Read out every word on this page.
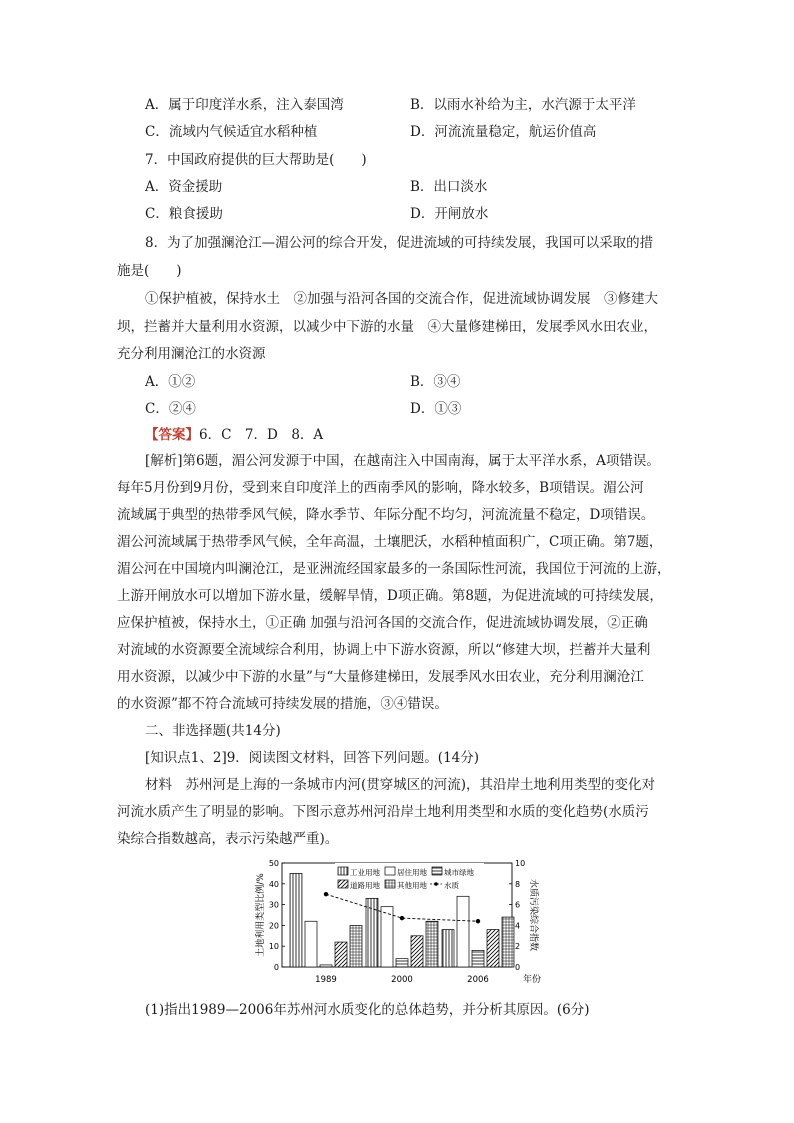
A．属于印度洋水系，注入泰国湾	B．以雨水补给为主，水汽源于太平洋
C．流域内气候适宜水稻种植	D．河流流量稳定，航运价值高
7．中国政府提供的巨大帮助是(　　)
A．资金援助	B．出口淡水
C．粮食援助	D．开闸放水
8．为了加强澜沧江—湄公河的综合开发，促进流域的可持续发展，我国可以采取的措
施是(　　)
①保护植被，保持水土　②加强与沿河各国的交流合作，促进流域协调发展　③修建大
坝，拦蓄并大量利用水资源，以减少中下游的水量　④大量修建梯田，发展季风水田农业，
充分利用澜沧江的水资源
A．①②	B．③④
C．②④	D．①③
【答案】6．C　7．D　8．A
[解析]第6题，湄公河发源于中国，在越南注入中国南海，属于太平洋水系，A项错误。
每年5月份到9月份，受到来自印度洋上的西南季风的影响，降水较多，B项错误。湄公河
流域属于典型的热带季风气候，降水季节、年际分配不均匀，河流流量不稳定，D项错误。
湄公河流域属于热带季风气候，全年高温，土壤肥沃，水稻种植面积广，C项正确。第7题，
湄公河在中国境内叫澜沧江，是亚洲流经国家最多的一条国际性河流，我国位于河流的上游，
上游开闸放水可以增加下游水量，缓解旱情，D项正确。第8题，为促进流域的可持续发展，
应保护植被，保持水土，①正确 加强与沿河各国的交流合作，促进流域协调发展，②正确
对流域的水资源要全流域综合利用，协调上中下游水资源，所以“修建大坝，拦蓄并大量利
用水资源，以减少中下游的水量”与“大量修建梯田，发展季风水田农业，充分利用澜沧江
的水资源”都不符合流域可持续发展的措施，③④错误。
二、非选择题(共14分)
[知识点1、2]9．阅读图文材料，回答下列问题。(14分)
材料　苏州河是上海的一条城市内河(贯穿城区的河流)，其沿岸土地利用类型的变化对
河流水质产生了明显的影响。下图示意苏州河沿岸土地利用类型和水质的变化趋势(水质污
染综合指数越高，表示污染越严重)。
0
10
20
30
40
50
0
2
4
6
8
10
工业用地 居住用地 城市绿地
道路用地 其他用地 水质
土地利用类型比例/%	水质污染综合指数
年份
1989	2000	2006
(1)指出1989—2006年苏州河水质变化的总体趋势，并分析其原因。(6分)
